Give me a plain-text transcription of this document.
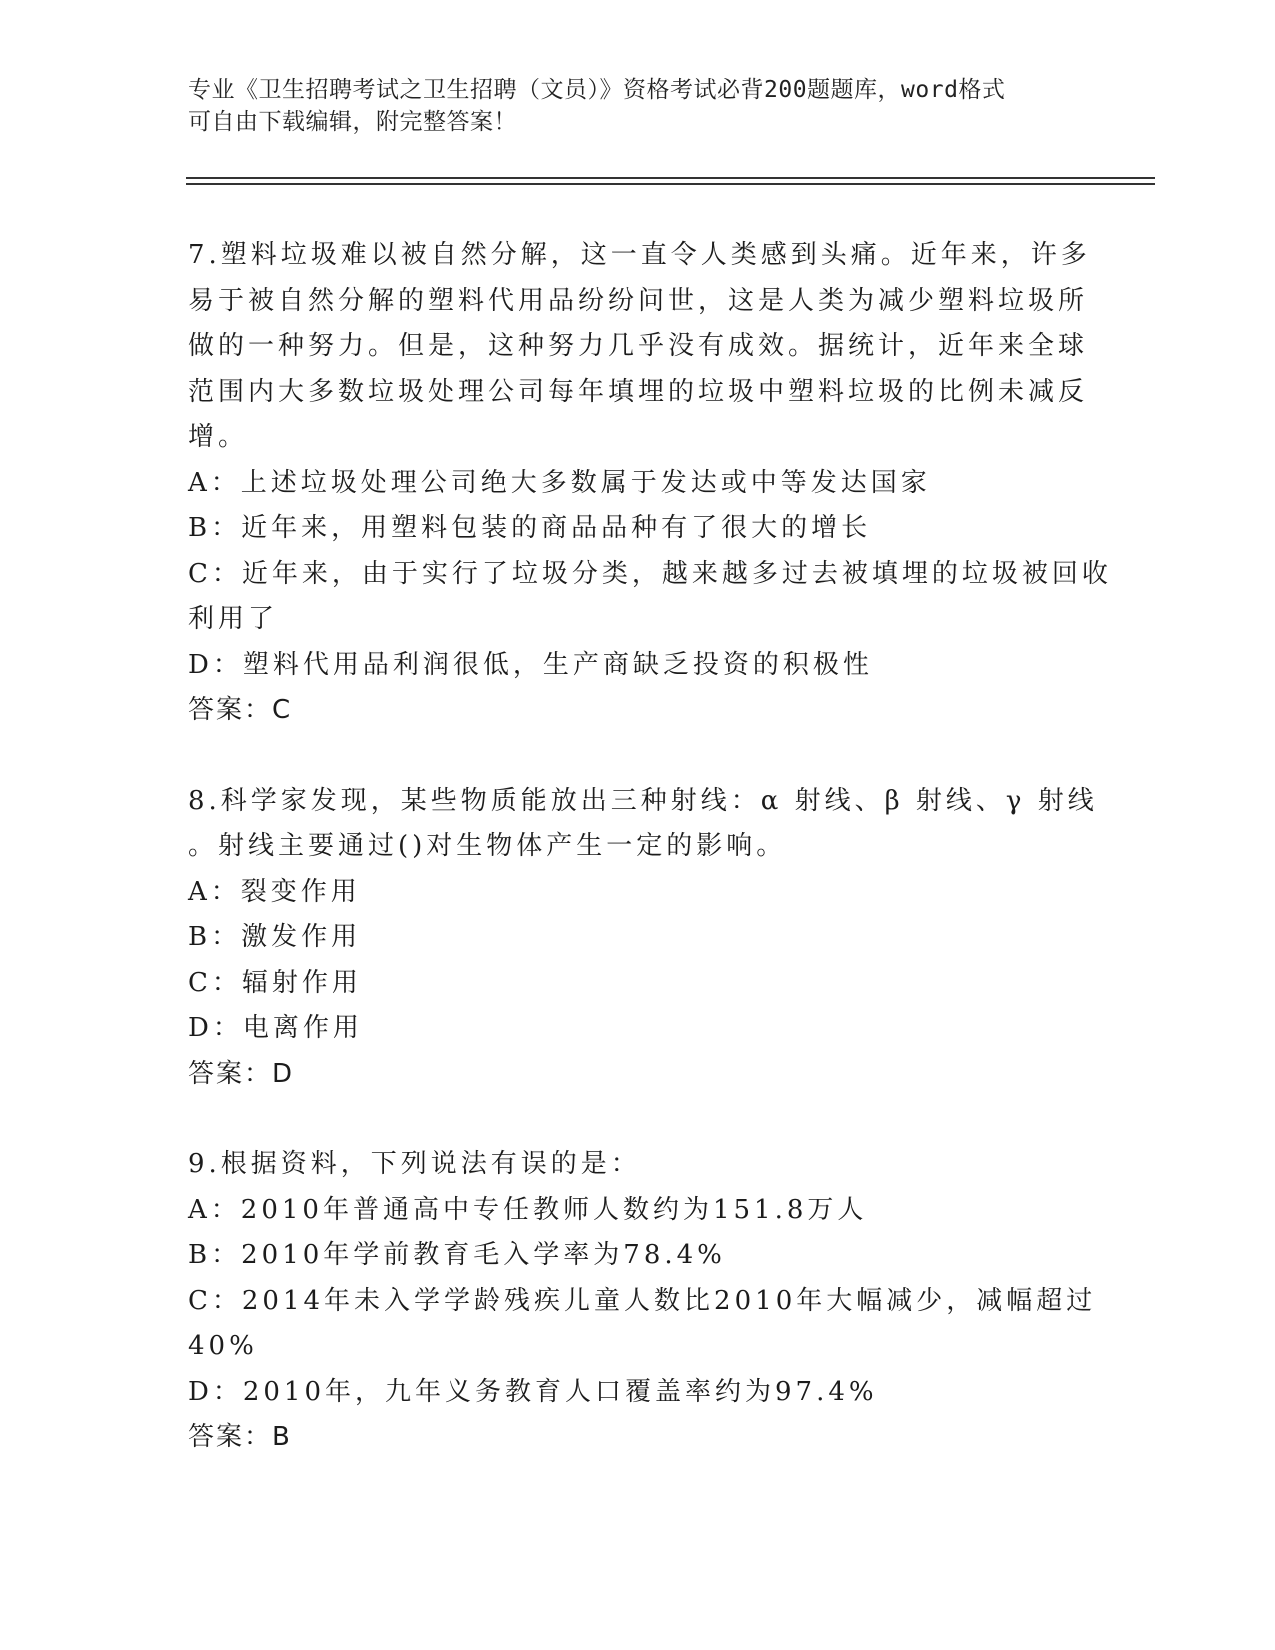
专业《卫生招聘考试之卫生招聘（文员）》资格考试必背200题题库，word格式

可自由下载编辑，附完整答案！

7.塑料垃圾难以被自然分解，这一直令人类感到头痛。近年来，许多

易于被自然分解的塑料代用品纷纷问世，这是人类为减少塑料垃圾所

做的一种努力。但是，这种努力几乎没有成效。据统计，近年来全球

范围内大多数垃圾处理公司每年填埋的垃圾中塑料垃圾的比例未减反

增。

A：上述垃圾处理公司绝大多数属于发达或中等发达国家

B：近年来，用塑料包装的商品品种有了很大的增长

C：近年来，由于实行了垃圾分类，越来越多过去被填埋的垃圾被回收

利用了

D：塑料代用品利润很低，生产商缺乏投资的积极性

答案：C

8.科学家发现，某些物质能放出三种射线：α 射线、β 射线、γ 射线

。射线主要通过()对生物体产生一定的影响。

A：裂变作用

B：激发作用

C：辐射作用

D：电离作用

答案：D

9.根据资料，下列说法有误的是：

A：2010年普通高中专任教师人数约为151.8万人

B：2010年学前教育毛入学率为78.4%

C：2014年未入学学龄残疾儿童人数比2010年大幅减少，减幅超过

40%

D：2010年，九年义务教育人口覆盖率约为97.4%

答案：B
